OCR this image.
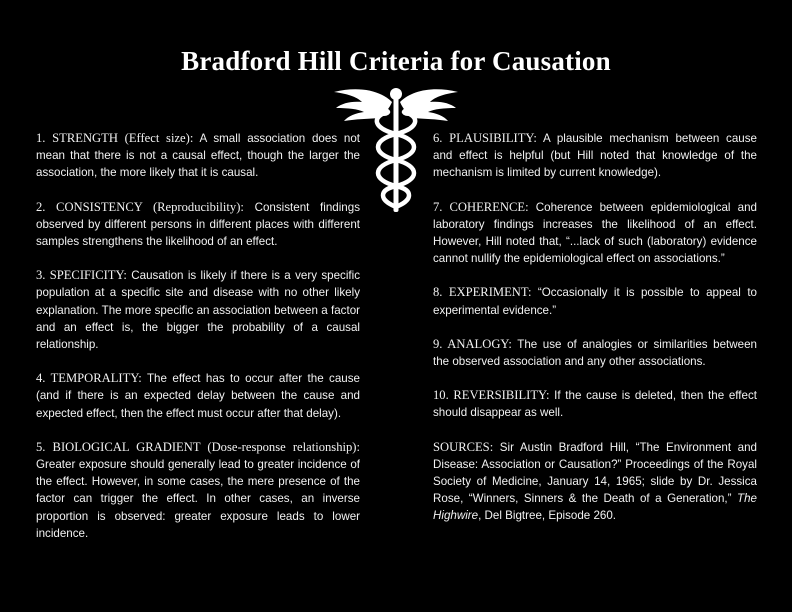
Bradford Hill Criteria for Causation

1. STRENGTH (Effect size):

A small association does not mean that there is not a causal effect, though the larger the association, the more likely that it is causal.

2. CONSISTENCY (Reproducibility):

Consistent findings observed by different persons in different places with different samples strengthens the likelihood of an effect.

3. SPECIFICITY:

Causation is likely if there is a very specific population at a specific site and disease with no other likely explanation. The more specific an association between a factor and an effect is, the bigger the probability of a causal relationship.

4. TEMPORALITY:

The effect has to occur after the cause (and if there is an expected delay between the cause and expected effect, then the effect must occur after that delay).

5. BIOLOGICAL GRADIENT (Dose-response relationship):

Greater exposure should generally lead to greater incidence of the effect. However, in some cases, the mere presence of the factor can trigger the effect. In other cases, an inverse proportion is observed: greater exposure leads to lower incidence.

6. PLAUSIBILITY:

A plausible mechanism between cause and effect is helpful (but Hill noted that knowledge of the mechanism is limited by current knowledge).

7. COHERENCE:

Coherence between epidemiological and laboratory findings increases the likelihood of an effect. However, Hill noted that, “...lack of such (laboratory) evidence cannot nullify the epidemiological effect on associations.”

8. EXPERIMENT:

“Occasionally it is possible to appeal to experimental evidence.”

9. ANALOGY:

The use of analogies or similarities between the observed association and any other associations.

10. REVERSIBILITY:

If the cause is deleted, then the effect should disappear as well.

SOURCES:

Sir Austin Bradford Hill, “The Environment and Disease: Association or Causation?” Proceedings of the Royal Society of Medicine, January 14, 1965; slide by Dr. Jessica Rose, “Winners, Sinners & the Death of a Generation,”

The Highwire

, Del Bigtree, Episode 260.
